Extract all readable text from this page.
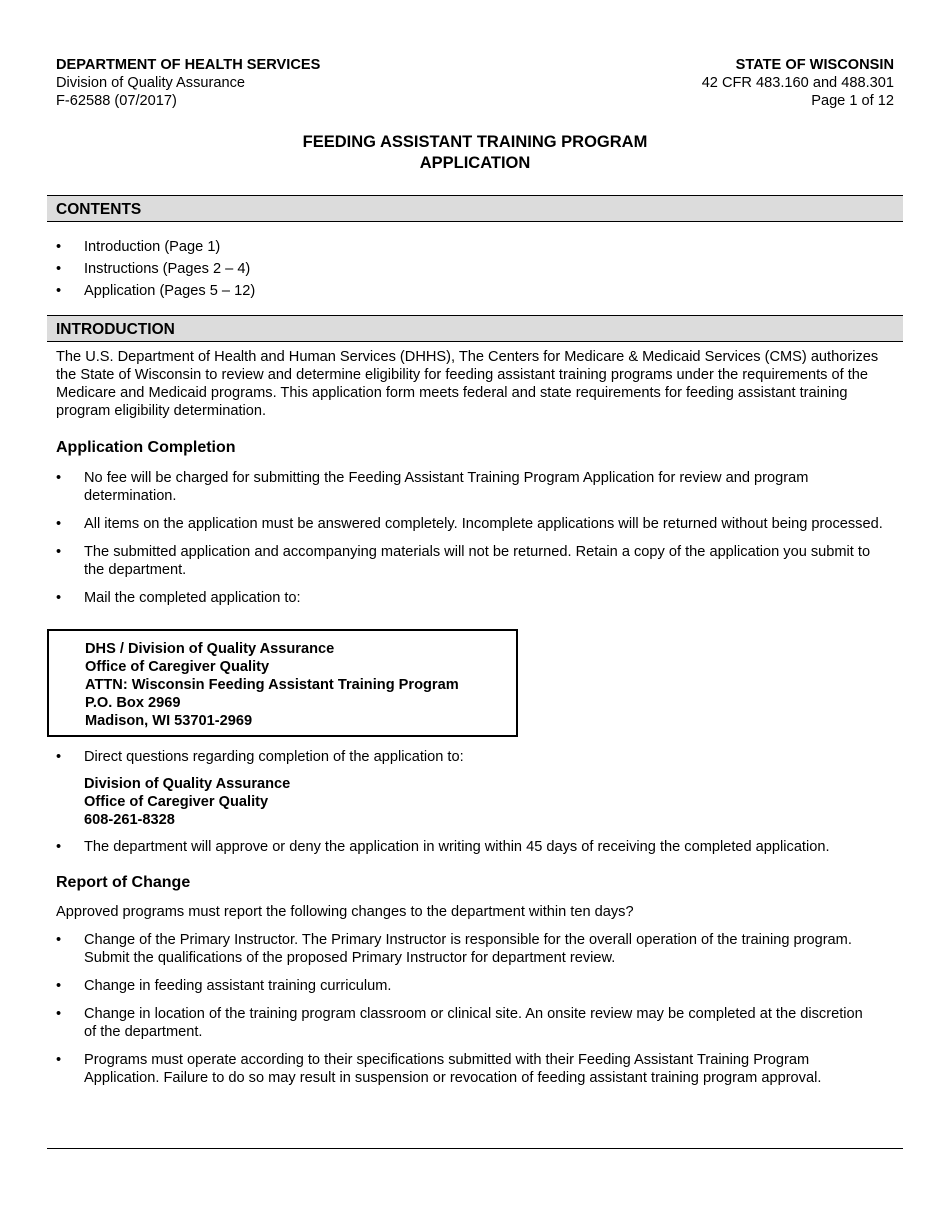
DEPARTMENT OF HEALTH SERVICES
Division of Quality Assurance
F-62588 (07/2017)
STATE OF WISCONSIN
42 CFR 483.160 and 488.301
Page 1 of 12
FEEDING ASSISTANT TRAINING PROGRAM
APPLICATION
CONTENTS
• Introduction (Page 1)
• Instructions (Pages 2 – 4)
• Application (Pages 5 – 12)
INTRODUCTION
The U.S. Department of Health and Human Services (DHHS), The Centers for Medicare & Medicaid Services (CMS) authorizes the State of Wisconsin to review and determine eligibility for feeding assistant training programs under the requirements of the Medicare and Medicaid programs. This application form meets federal and state requirements for feeding assistant training program eligibility determination.
Application Completion
• No fee will be charged for submitting the Feeding Assistant Training Program Application for review and program determination.
• All items on the application must be answered completely. Incomplete applications will be returned without being processed.
• The submitted application and accompanying materials will not be returned. Retain a copy of the application you submit to the department.
• Mail the completed application to:
DHS / Division of Quality Assurance
Office of Caregiver Quality
ATTN: Wisconsin Feeding Assistant Training Program
P.O. Box 2969
Madison, WI 53701-2969
• Direct questions regarding completion of the application to:
Division of Quality Assurance
Office of Caregiver Quality
608-261-8328
• The department will approve or deny the application in writing within 45 days of receiving the completed application.
Report of Change
Approved programs must report the following changes to the department within ten days?
• Change of the Primary Instructor. The Primary Instructor is responsible for the overall operation of the training program. Submit the qualifications of the proposed Primary Instructor for department review.
• Change in feeding assistant training curriculum.
• Change in location of the training program classroom or clinical site. An onsite review may be completed at the discretion of the department.
• Programs must operate according to their specifications submitted with their Feeding Assistant Training Program Application. Failure to do so may result in suspension or revocation of feeding assistant training program approval.
